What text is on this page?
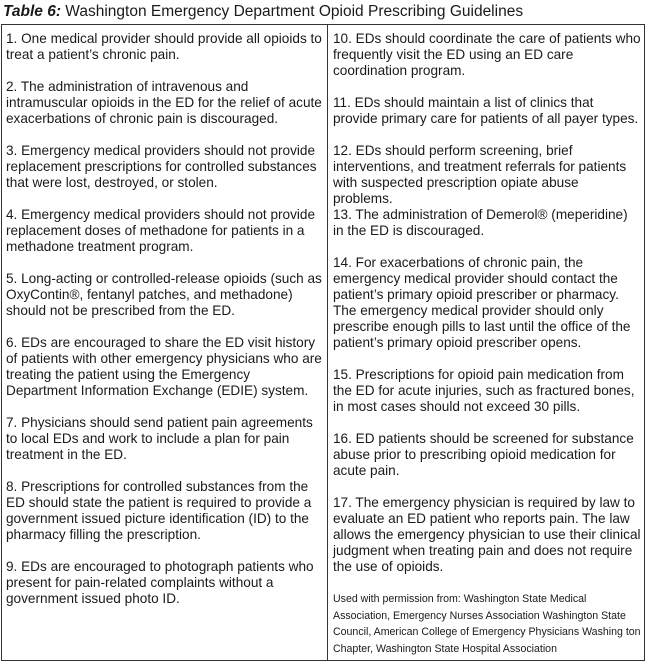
Table 6: Washington Emergency Department Opioid Prescribing Guidelines
1. One medical provider should provide all opioids to treat a patient’s chronic pain.
2. The administration of intravenous and intramuscular opioids in the ED for the relief of acute exacerbations of chronic pain is discouraged.
3. Emergency medical providers should not provide replacement prescriptions for controlled substances that were lost, destroyed, or stolen.
4. Emergency medical providers should not provide replacement doses of methadone for patients in a methadone treatment program.
5. Long-acting or controlled-release opioids (such as OxyContin®, fentanyl patches, and methadone) should not be prescribed from the ED.
6. EDs are encouraged to share the ED visit history of patients with other emergency physicians who are treating the patient using the Emergency Department Information Exchange (EDIE) system.
7. Physicians should send patient pain agreements to local EDs and work to include a plan for pain treatment in the ED.
8. Prescriptions for controlled substances from the ED should state the patient is required to provide a government issued picture identification (ID) to the pharmacy filling the prescription.
9. EDs are encouraged to photograph patients who present for pain-related complaints without a government issued photo ID.
10. EDs should coordinate the care of patients who frequently visit the ED using an ED care coordination program.
11. EDs should maintain a list of clinics that provide primary care for patients of all payer types.
12. EDs should perform screening, brief interventions, and treatment referrals for patients with suspected prescription opiate abuse problems.
13. The administration of Demerol® (meperidine) in the ED is discouraged.
14. For exacerbations of chronic pain, the emergency medical provider should contact the patient’s primary opioid prescriber or pharmacy. The emergency medical provider should only prescribe enough pills to last until the office of the patient’s primary opioid prescriber opens.
15. Prescriptions for opioid pain medication from the ED for acute injuries, such as fractured bones, in most cases should not exceed 30 pills.
16. ED patients should be screened for substance abuse prior to prescribing opioid medication for acute pain.
17. The emergency physician is required by law to evaluate an ED patient who reports pain. The law allows the emergency physician to use their clinical judgment when treating pain and does not require the use of opioids.
Used with permission from: Washington State Medical Association, Emergency Nurses Association Washington State Council, American College of Emergency Physicians Washing ton Chapter, Washington State Hospital Association
